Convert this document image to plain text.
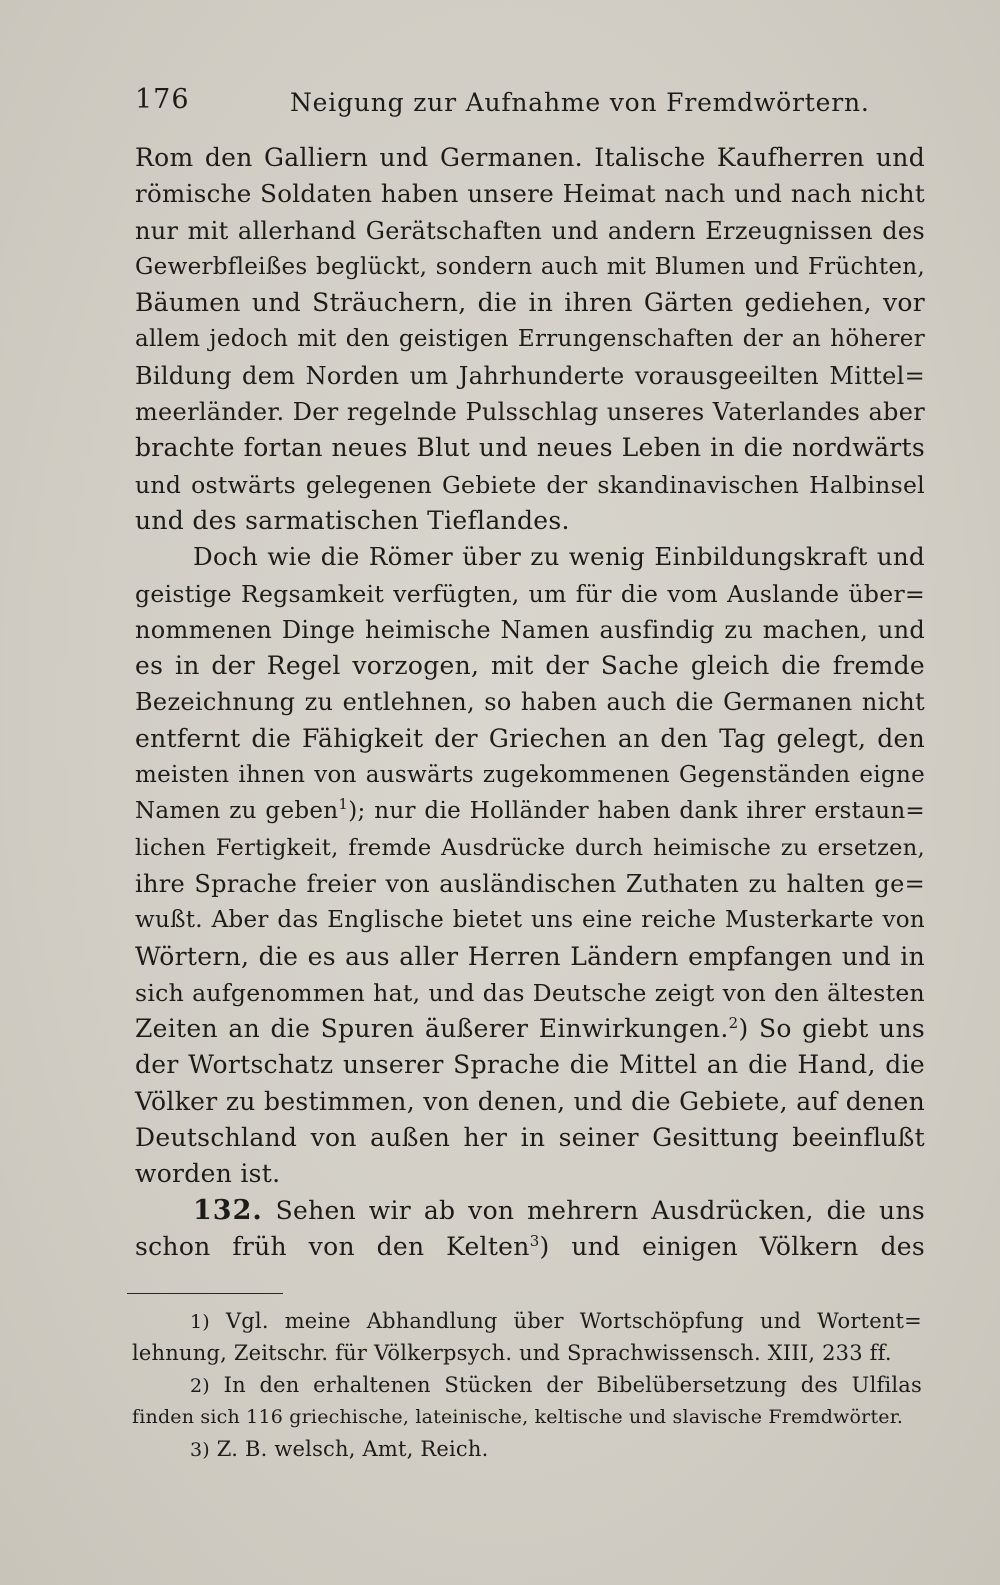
176	Neigung zur Aufnahme von Fremdwörtern.
Rom den Galliern und Germanen. Italische Kaufherren und
römische Soldaten haben unsere Heimat nach und nach nicht
nur mit allerhand Gerätschaften und andern Erzeugnissen des
Gewerbfleißes beglückt, sondern auch mit Blumen und Früchten,
Bäumen und Sträuchern, die in ihren Gärten gediehen, vor
allem jedoch mit den geistigen Errungenschaften der an höherer
Bildung dem Norden um Jahrhunderte vorausgeeilten Mittel=
meerländer. Der regelnde Pulsschlag unseres Vaterlandes aber
brachte fortan neues Blut und neues Leben in die nordwärts
und ostwärts gelegenen Gebiete der skandinavischen Halbinsel
und des sarmatischen Tieflandes.
Doch wie die Römer über zu wenig Einbildungskraft und
geistige Regsamkeit verfügten, um für die vom Auslande über=
nommenen Dinge heimische Namen ausfindig zu machen, und
es in der Regel vorzogen, mit der Sache gleich die fremde
Bezeichnung zu entlehnen, so haben auch die Germanen nicht
entfernt die Fähigkeit der Griechen an den Tag gelegt, den
meisten ihnen von auswärts zugekommenen Gegenständen eigne
Namen zu geben$^1$); nur die Holländer haben dank ihrer erstaun=
lichen Fertigkeit, fremde Ausdrücke durch heimische zu ersetzen,
ihre Sprache freier von ausländischen Zuthaten zu halten ge=
wußt. Aber das Englische bietet uns eine reiche Musterkarte von
Wörtern, die es aus aller Herren Ländern empfangen und in
sich aufgenommen hat, und das Deutsche zeigt von den ältesten
Zeiten an die Spuren äußerer Einwirkungen.$^2$) So giebt uns
der Wortschatz unserer Sprache die Mittel an die Hand, die
Völker zu bestimmen, von denen, und die Gebiete, auf denen
Deutschland von außen her in seiner Gesittung beeinflußt
worden ist.
132. Sehen wir ab von mehrern Ausdrücken, die uns
schon früh von den Kelten$^3$) und einigen Völkern des
1) Vgl. meine Abhandlung über Wortschöpfung und Wortent=
lehnung, Zeitschr. für Völkerpsych. und Sprachwissensch. XIII, 233 ff.
2) In den erhaltenen Stücken der Bibelübersetzung des Ulfilas
finden sich 116 griechische, lateinische, keltische und slavische Fremdwörter.
3) Z. B. welsch, Amt, Reich.
